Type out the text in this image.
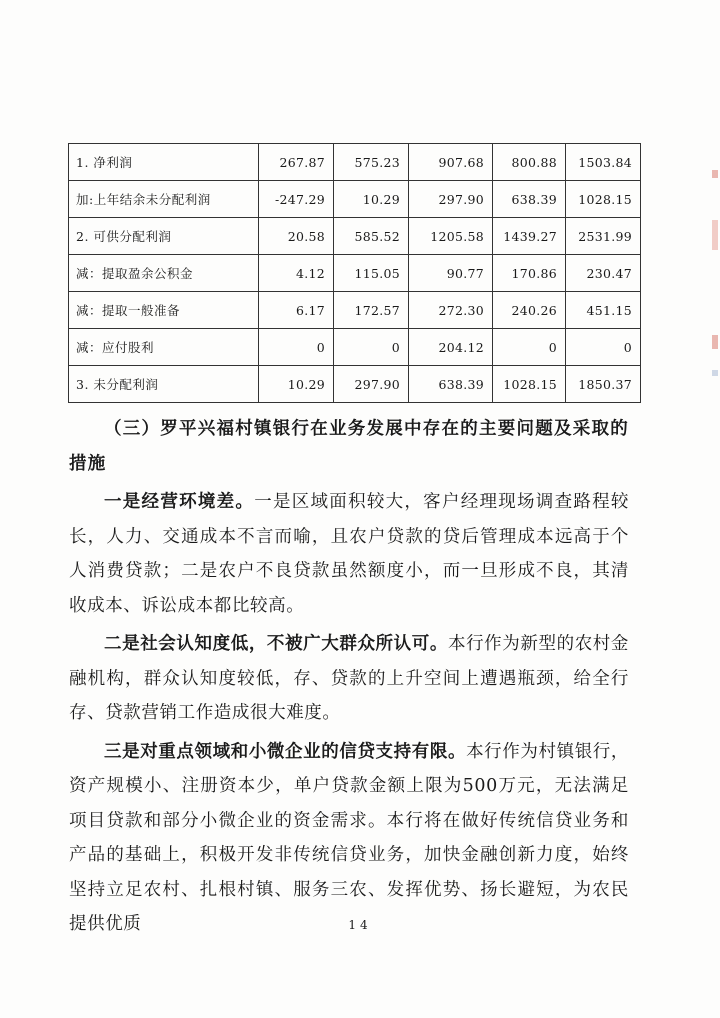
1. 净利润	267.87	575.23	907.68	800.88	1503.84
加:上年结余未分配利润	-247.29	10.29	297.90	638.39	1028.15
2. 可供分配利润	20.58	585.52	1205.58	1439.27	2531.99
减：提取盈余公积金	4.12	115.05	90.77	170.86	230.47
减：提取一般准备	6.17	172.57	272.30	240.26	451.15
减：应付股利	0	0	204.12	0	0
3. 未分配利润	10.29	297.90	638.39	1028.15	1850.37

（三）罗平兴福村镇银行在业务发展中存在的主要问题及采取的措施

一是经营环境差。一是区域面积较大，客户经理现场调查路程较长，人力、交通成本不言而喻，且农户贷款的贷后管理成本远高于个人消费贷款；二是农户不良贷款虽然额度小，而一旦形成不良，其清收成本、诉讼成本都比较高。

二是社会认知度低，不被广大群众所认可。本行作为新型的农村金融机构，群众认知度较低，存、贷款的上升空间上遭遇瓶颈，给全行存、贷款营销工作造成很大难度。

三是对重点领域和小微企业的信贷支持有限。本行作为村镇银行，资产规模小、注册资本少，单户贷款金额上限为500万元，无法满足项目贷款和部分小微企业的资金需求。本行将在做好传统信贷业务和产品的基础上，积极开发非传统信贷业务，加快金融创新力度，始终坚持立足农村、扎根村镇、服务三农、发挥优势、扬长避短，为农民提供优质	14
